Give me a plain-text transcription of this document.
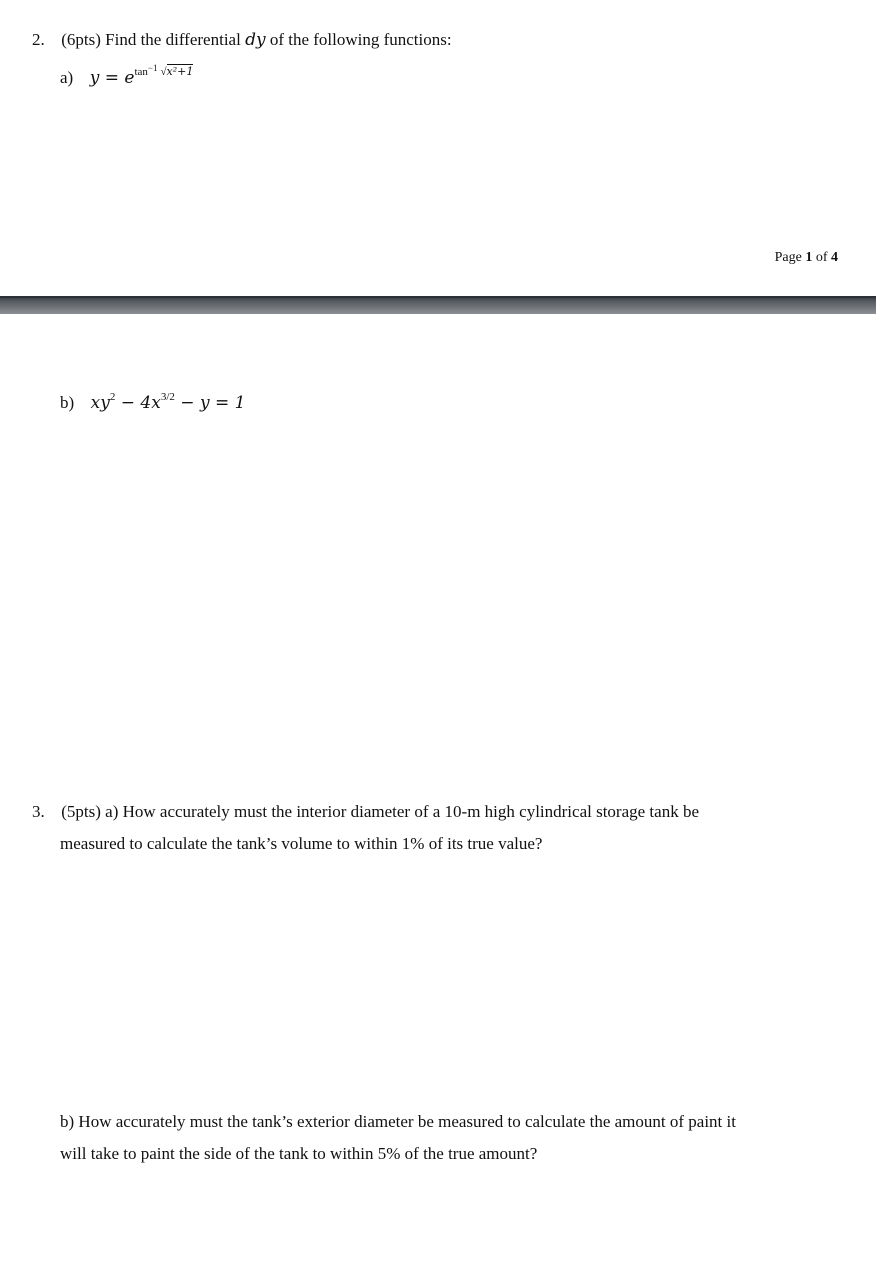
2. (6pts) Find the differential dy of the following functions:
a) $y = e^{tan^{-1} √x^2+1}$
Page 1 of 4
b) $xy^2 - 4x^{3/2} - y = 1$
3. (5pts) a) How accurately must the interior diameter of a 10-m high cylindrical storage tank be
measured to calculate the tank’s volume to within 1% of its true value?
b) How accurately must the tank’s exterior diameter be measured to calculate the amount of paint it
will take to paint the side of the tank to within 5% of the true amount?
